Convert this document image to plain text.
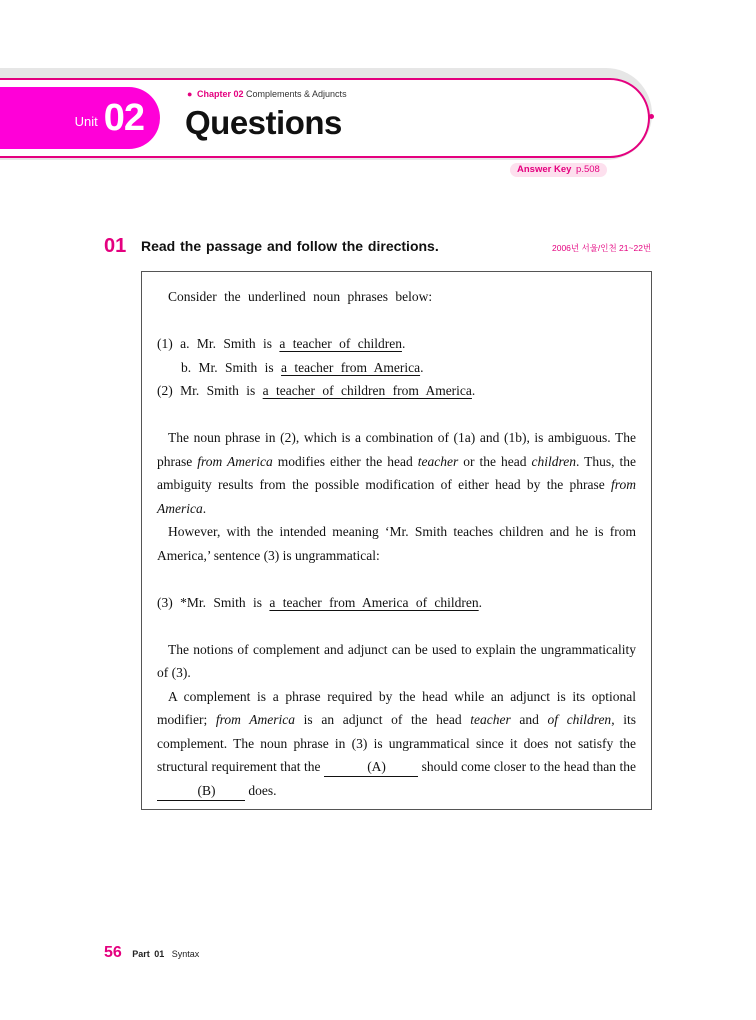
Unit 02
● Chapter 02 Complements & Adjuncts
Questions
Answer Key p.508
01 Read the passage and follow the directions.	2006년 서울/인천 21~22번

Consider the underlined noun phrases below:

(1) a. Mr. Smith is a teacher of children.

b. Mr. Smith is a teacher from America.

(2) Mr. Smith is a teacher of children from America.

The noun phrase in (2), which is a combination of (1a) and (1b), is ambiguous. The phrase from America modifies either the head teacher or the head children. Thus, the ambiguity results from the possible modification of either head by the phrase from America.

However, with the intended meaning ‘Mr. Smith teaches children and he is from America,’ sentence (3) is ungrammatical:

(3) *Mr. Smith is a teacher from America of children.

The notions of complement and adjunct can be used to explain the ungrammaticality of (3).

A complement is a phrase required by the head while an adjunct is its optional modifier; from America is an adjunct of the head teacher and of children, its complement. The noun phrase in (3) is ungrammatical since it does not satisfy the structural requirement that the	(A) should come closer to the head than the (B) does.

56 Part 01 Syntax
